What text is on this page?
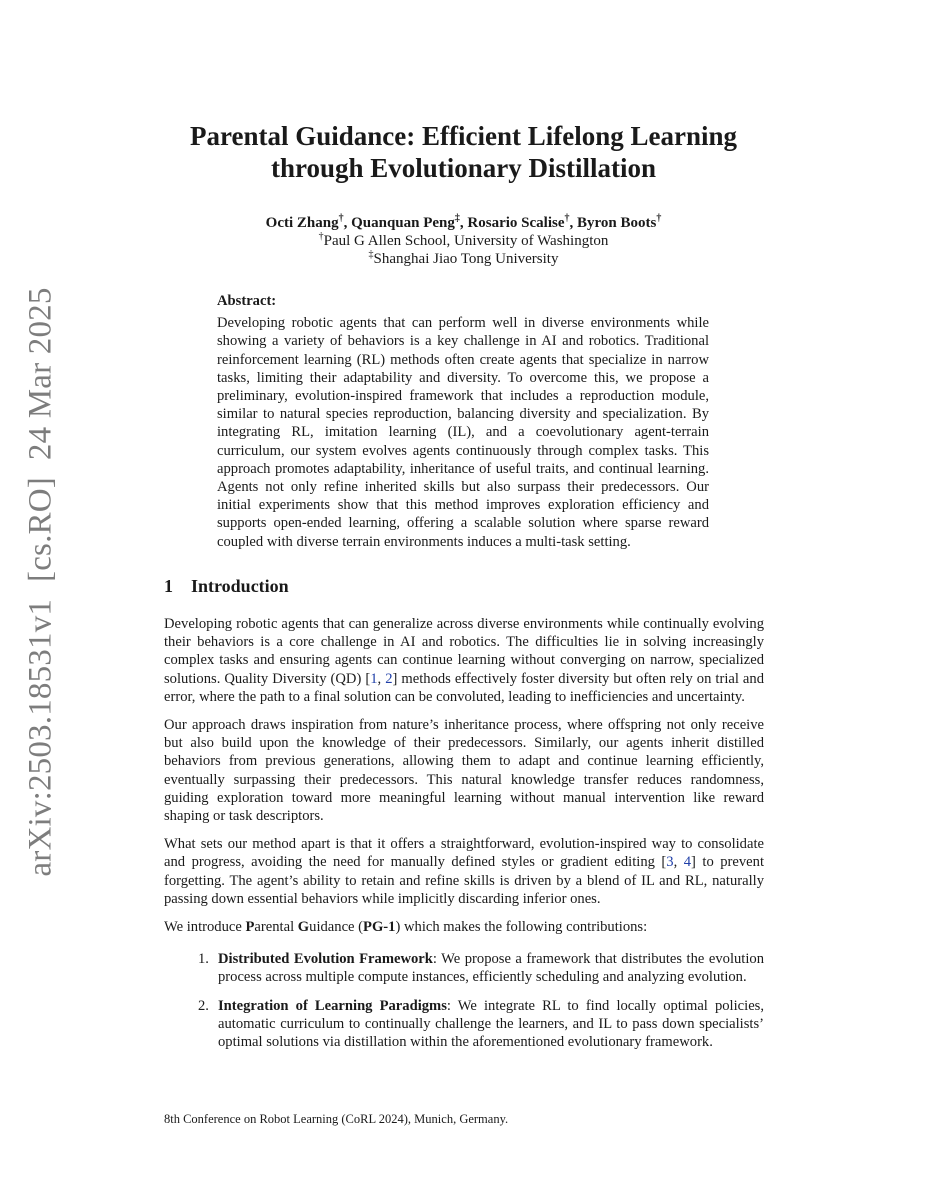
arXiv:2503.18531v1  [cs.RO]  24 Mar 2025
Parental Guidance: Efficient Lifelong Learning
through Evolutionary Distillation
Octi Zhang†, Quanquan Peng‡, Rosario Scalise†, Byron Boots†
†Paul G Allen School, University of Washington
‡Shanghai Jiao Tong University
Abstract:

Developing robotic agents that can perform well in diverse environments while showing a variety of behaviors is a key challenge in AI and robotics. Traditional reinforcement learning (RL) methods often create agents that specialize in narrow tasks, limiting their adaptability and diversity. To overcome this, we propose a preliminary, evolution-inspired framework that includes a reproduction module, similar to natural species reproduction, balancing diversity and specialization. By integrating RL, imitation learning (IL), and a coevolutionary agent-terrain curriculum, our system evolves agents continuously through complex tasks. This approach promotes adaptability, inheritance of useful traits, and continual learning. Agents not only refine inherited skills but also surpass their predecessors. Our initial experiments show that this method improves exploration efficiency and supports open-ended learning, offering a scalable solution where sparse reward coupled with diverse terrain environments induces a multi-task setting.

1 Introduction

Developing robotic agents that can generalize across diverse environments while continually evolving their behaviors is a core challenge in AI and robotics. The difficulties lie in solving increasingly complex tasks and ensuring agents can continue learning without converging on narrow, specialized solutions. Quality Diversity (QD) [1, 2] methods effectively foster diversity but often rely on trial and error, where the path to a final solution can be convoluted, leading to inefficiencies and uncertainty.

Our approach draws inspiration from nature’s inheritance process, where offspring not only receive but also build upon the knowledge of their predecessors. Similarly, our agents inherit distilled behaviors from previous generations, allowing them to adapt and continue learning efficiently, eventually surpassing their predecessors. This natural knowledge transfer reduces randomness, guiding exploration toward more meaningful learning without manual intervention like reward shaping or task descriptors.

What sets our method apart is that it offers a straightforward, evolution-inspired way to consolidate and progress, avoiding the need for manually defined styles or gradient editing [3, 4] to prevent forgetting. The agent’s ability to retain and refine skills is driven by a blend of IL and RL, naturally passing down essential behaviors while implicitly discarding inferior ones.

We introduce Parental Guidance (PG-1) which makes the following contributions:

1. Distributed Evolution Framework: We propose a framework that distributes the evolution process across multiple compute instances, efficiently scheduling and analyzing evolution.
2. Integration of Learning Paradigms: We integrate RL to find locally optimal policies, automatic curriculum to continually challenge the learners, and IL to pass down specialists’ optimal solutions via distillation within the aforementioned evolutionary framework.
8th Conference on Robot Learning (CoRL 2024), Munich, Germany.
